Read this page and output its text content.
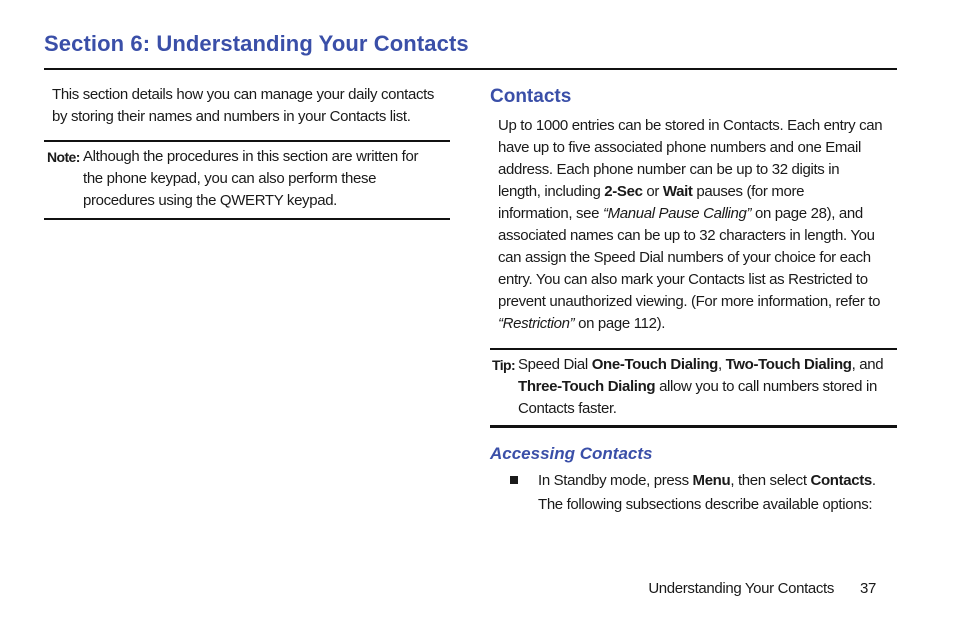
Section 6: Understanding Your Contacts
This section details how you can manage your daily contacts
by storing their names and numbers in your Contacts list.
Note: Although the procedures in this section are written for
the phone keypad, you can also perform these
procedures using the QWERTY keypad.
Contacts
Up to 1000 entries can be stored in Contacts. Each entry can
have up to five associated phone numbers and one Email
address. Each phone number can be up to 32 digits in
length, including 2-Sec or Wait pauses (for more
information, see “Manual Pause Calling” on page 28), and
associated names can be up to 32 characters in length. You
can assign the Speed Dial numbers of your choice for each
entry. You can also mark your Contacts list as Restricted to
prevent unauthorized viewing. (For more information, refer to
“Restriction” on page 112).
Tip: Speed Dial One-Touch Dialing, Two-Touch Dialing, and
Three-Touch Dialing allow you to call numbers stored in
Contacts faster.
Accessing Contacts
In Standby mode, press Menu, then select Contacts.
The following subsections describe available options:
Understanding Your Contacts 37
